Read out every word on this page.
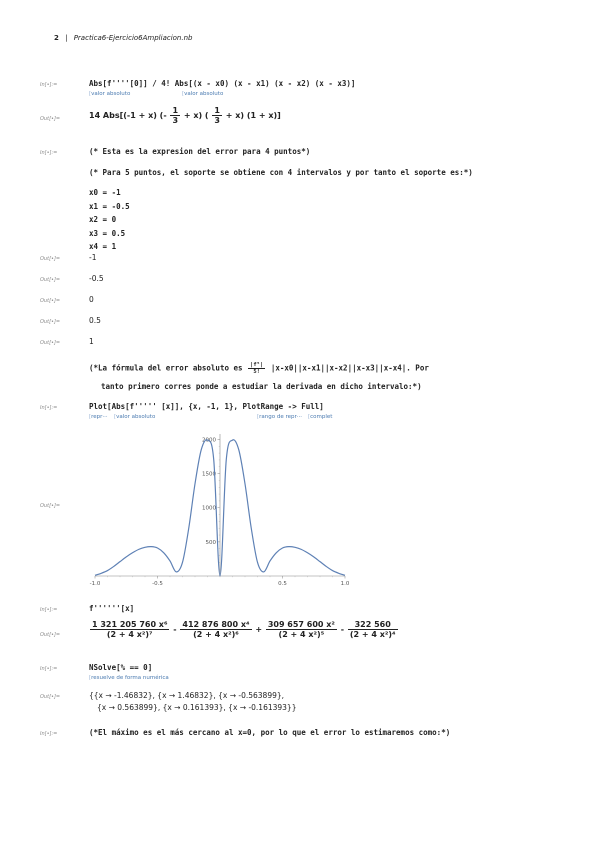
2 | Practica6-Ejercicio6Ampliacion.nb
In[•]:=	Abs[f''''[0]] / 4! Abs[(x - x0) (x - x1) (x - x2) (x - x3)]
[ valor absoluto	[ valor absoluto
Out[•]=	14 Abs[(-1 + x) (- $\frac{1}{3} + x$) ( $\frac{1}{3} + x$) (1 + x)]
In[•]:=	(* Esta es la expresion del error para 4 puntos*)
(* Para 5 puntos, el soporte se obtiene con 4 intervalos y por tanto el soporte es:*)
x0 = -1
x1 = -0.5
x2 = 0
x3 = 0.5
x4 = 1
Out[•]=	-1
Out[•]=	-0.5
Out[•]=	0
Out[•]=	0.5
Out[•]=	1
(*La fórmula del error absoluto es $\frac{\text{|f⁵|}}{5!} |x-x0||x-x1||x-x2||x-x3||x-x4|$. Por
tanto primero corres ponde a estudiar la derivada en dicho intervalo:*)
In[•]:=	Plot[Abs[f''''' [x]], {x, -1, 1}, PlotRange -> Full]
[ repr···	[ valor absoluto	[ rango de repr···	[ complet
Out[•]=
-1.0	-0.5	0.5	1.0
500
1000
1500
2000
In[•]:=	f''''''[x]
Out[•]=	$\frac{\text{1 321 205 760 x⁶}}{\text{(2 + 4 x²)⁷}} - \frac{\text{412 876 800 x⁴}}{\text{(2 + 4 x²)⁶}} + \frac{\text{309 657 600 x²}}{\text{(2 + 4 x²)⁵}} - \frac{322 560}{\text{(2 + 4 x²)⁴}}$
In[•]:=	NSolve[% == 0]
[ resuelve de forma numérica
Out[•]=	{{x → -1.46832}, {x → 1.46832}, {x → -0.563899},
{x → 0.563899}, {x → 0.161393}, {x → -0.161393}}
In[•]:=	(*El máximo es el más cercano al x=0, por lo que el error lo estimaremos como:*)
